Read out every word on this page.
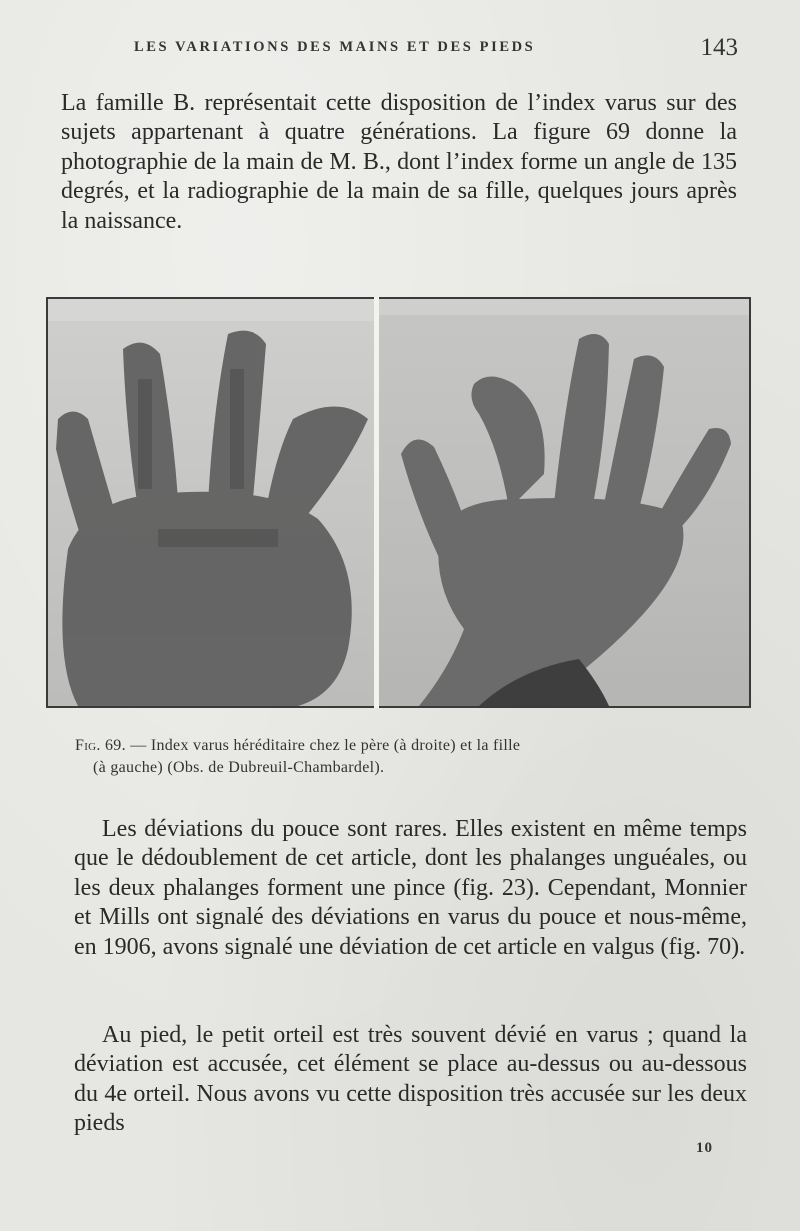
LES VARIATIONS DES MAINS ET DES PIEDS	143

La famille B. représentait cette disposition de l’index varus sur des sujets appartenant à quatre générations. La figure 69 donne la photographie de la main de M. B., dont l’index forme un angle de 135 degrés, et la radiographie de la main de sa fille, quelques jours après la naissance.

Fig. 69. — Index varus héréditaire chez le père (à droite) et la fille
(à gauche) (Obs. de Dubreuil-Chambardel).

Les déviations du pouce sont rares. Elles existent en même temps que le dédoublement de cet article, dont les phalanges unguéales, ou les deux phalanges forment une pince (fig. 23). Cependant, Monnier et Mills ont signalé des déviations en varus du pouce et nous-même, en 1906, avons signalé une déviation de cet article en valgus (fig. 70).

Au pied, le petit orteil est très souvent dévié en varus ; quand la déviation est accusée, cet élément se place au-dessus ou au-dessous du 4e orteil. Nous avons vu cette disposition très accusée sur les deux pieds

10
